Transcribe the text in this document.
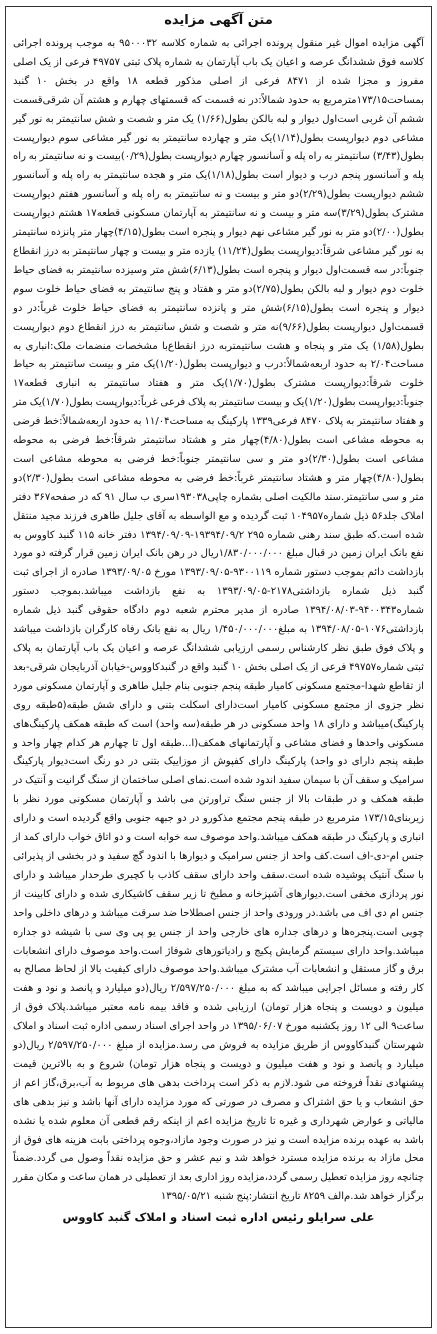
متن آگهی مزایده

آگهی مزایده اموال غیر منقول پرونده اجرائی به شماره کلاسه ۹۵۰۰۰۳۲ به موجب پرونده اجرائی کلاسه فوق ششدانگ عرصه و اعیان یک باب آپارتمان به شماره پلاک ثبتی ۴۹۷۵۷ فرعی از یک اصلی مفروز و مجزا شده از ۸۴۷۱ فرعی از اصلی مذکور قطعه ۱۸ واقع در بخش ۱۰ گنبد بمساحت۱۷۳/۱۵مترمربع به حدود شمالاً:در نه قسمت که قسمتهای چهارم و هشتم آن شرقی‌قسمت ششم آن غربی است‌اول دیوار و لبه بالکن بطول(۱/۶۶) یک متر و شصت و شش سانتیمتر به نور گیر مشاعی دوم دیوارپست بطول(۱/۱۴)یک متر و چهارده سانتیمتر به نور گیر مشاعی سوم دیوارپست بطول(۳/۴۳) سانتیمتر به راه پله و آسانسور چهارم دیوارپست بطول(۰/۲۹)بیست و نه سانتیمتر به راه پله و آسانسور پنجم درب و دیوار است بطول(۱/۱۸)یک متر و هجده سانتیمتر به راه پله و آسانسور ششم دیوارپست بطول(۲/۲۹)دو متر و بیست و نه سانتیمتر به راه پله و آسانسور هفتم دیوارپست مشترک بطول(۳/۲۹)سه متر و بیست و نه سانتیمتر به آپارتمان مسکونی قطعه۱۷ هشتم دیوارپست بطول(۲/۰۰)دو متر به نور گیر مشاعی نهم دیوار و پنجره است بطول(۴/۱۵)چهار متر پانزده سانتیمتر به نور گیر مشاعی شرقاً:دیوارپست بطول(۱۱/۲۴) یازده متر و بیست و چهار سانتیمتر به درز انقطاع جنوباً:در سه قسمت‌اول دیوار و پنجره است بطول(۶/۱۳)شش متر وسیزده سانتیمتر به فضای حیاط خلوت دوم دیوار و لبه بالکن بطول(۲/۷۵)دو متر و هفتاد و پنج سانتیمتر به فضای حیاط خلوت سوم دیوار و پنجره است بطول(۶/۱۵)شش متر و پانزده سانتیمتر به فضای حیاط خلوت غرباً:در دو قسمت‌اول دیوارپست بطول(۹/۶۶)نه متر و شصت و شش سانتیمتر به درز انقطاع دوم دیوارپست بطول(۱/۵۸) یک متر و پنجاه و هشت سانتیمتربه درز انقطاع‌با مشخصات منضمات ملک:انباری به مساحت۲/۰۴ به حدود اربعه‌شمالاً:درب و دیوارپست بطول(۱/۲۰)یک متر و بیست سانتیمتر به حیاط خلوت شرقاً:دیوارپست مشترک بطول(۱/۷۰)یک متر و هفتاد سانتیمتر به انباری قطعه۱۷ جنوباً:دیوارپست بطول(۱/۲۰)یک و بیست سانتیمتر به پلاک فرعی غرباً:دیوارپست بطول(۱/۷۰)یک متر و هفتاد سانتیمتر به پلاک ۸۴۷۰ فرعی۱۳۳۹ پارکینگ به مساحت۱۱/۰۴ به حدود اربعه‌شمالاً:خط فرضی به محوطه مشاعی است بطول(۴/۸۰)چهار متر و هشتاد سانتیمتر شرقاً:خط فرضی به محوطه مشاعی است بطول(۲/۳۰)دو متر و سی سانتیمتر جنوباً:خط فرضی به محوطه مشاعی است بطول(۴/۸۰)چهار متر و هشتاد سانتیمتر غرباً:خط فرضی به محوطه مشاعی است بطول(۲/۳۰)دو متر و سی سانتیمتر.سند مالکیت اصلی بشماره چاپی۱۹۳۰۳۸سری ب سال ۹۱ که در صفحه۳۶۷ دفتر املاک جلد۵۶ ذیل شماره۱۰۴۹۵۷ ثبت گردیده و مع الواسطه به آقای جلیل طاهری فرزند مجید منتقل شده است.که طبق سند رهنی شماره ۲۹۵ ۱۹۳۹۴/۰۹/۲-۱۳۹۴/۰۹/۰۹ دفتر خانه ۱۱۵ گنبد کاووس به نفع بانک ایران زمین در قبال مبلغ ۱/۸۳۰/۰۰۰/۰۰۰ریال در رهن بانک ایران زمین قرار گرفته دو مورد بازداشت دائم بموجب دستور شماره ۹۳۰۰۱۱۹-۱۳۹۳/۰۹/۰۵ مورخ ۱۳۹۳/۰۹/۰۵ صادره از اجرای ثبت گنبد ذیل شماره بازداشتی۲۱۷۸-۱۳۹۳/۰۹/۰۵ به نفع بازداشت میباشد.بموجب دستور شماره۹۴۰۰۳۴۳-۱۳۹۴/۰۸/۰۳ صادره از مدیر محترم شعبه دوم دادگاه حقوقی گنبد ذیل شماره بازداشتی۱۰۷۶-۱۳۹۴/۰۸/۰۵ به مبلغ۱/۴۵۰/۰۰۰/۰۰۰ ریال به نفع بانک رفاه کارگران بازداشت میباشد و پلاک فوق طبق نظر کارشناس رسمی ارزیابی ششدانگ عرصه و اعیان یک باب آپارتمان به پلاک ثبتی شماره۴۹۷۵۷ فرعی از یک اصلی بخش ۱۰ گنبد واقع در گنبدکاووس-خیابان آذربایجان شرقی-بعد از تقاطع شهدا-مجتمع مسکونی کامیار طبقه پنجم جنوبی بنام جلیل طاهری و آپارتمان مسکونی مورد نظر جزوی از مجتمع مسکونی کامیار است‌دارای اسکلت بتنی و دارای شش طبقه(۵طبقه روی پارکینگ)میباشد و دارای ۱۸ واحد مسکونی در هر طبقه(سه واحد) است که طبقه همکف پارکینگ‌های مسکونی واحدها و فضای مشاعی و آپارتمانهای همکف(ا...طبقه اول تا چهارم هر کدام چهار واحد و طبقه پنجم دارای دو واحد) پارکینگ دارای کفپوش از موزاییک بتنی در دو رنگ است‌دیوار پارکینگ سرامیک و سقف آن با سیمان سفید اندود شده است.نمای اصلی ساختمان از سنگ گرانیت و آنتیک در طبقه همکف و در طبقات بالا از جنس سنگ تراورتن می باشد و آپارتمان مسکونی مورد نظر با زیربنای۱۷۳/۱۵ مترمربع در طبقه پنجم مجتمع مذکورو در دو جبهه جنوبی واقع گردیده است و دارای انباری و پارکینگ در طبقه همکف میباشد.واحد موصوف سه خوابه است و دو اتاق خواب دارای کمد از جنس ام-دی-اف است.کف واحد از جنس سرامیک و دیوارها با اندود گچ سفید و در بخشی از پذیرائی با سنگ آنتیک پوشیده شده است.سقف واحد دارای سقف کاذب با کچبری طرحدار میباشد و دارای نور پردازی مخفی است.دیوارهای آشپزخانه و مطبخ تا زیر سقف کاشیکاری شده و دارای کابینت از جنس ام دی اف می باشد.در ورودی واحد از جنس اصطلاحا ضد سرقت میباشد و درهای داخلی واحد چوبی است.پنجره‌ها و درهای جداره های خارجی واحد از جنس یو پی وی سی با شیشه دو جداره میباشد.واحد دارای سیستم گرمایش پکیج و رادیاتورهای شوفاژ است.واحد موصوف دارای انشعابات برق و گاز مستقل و انشعابات آب مشترک میباشد.واحد موصوف دارای کیفیت بالا از لحاظ مصالح به کار رفته و مسائل اجرایی میباشد که به مبلغ ۲/۵۹۷/۲۵۰/۰۰۰ ریال(دو میلیارد و پانصد و نود و هفت میلیون و دویست و پنجاه هزار تومان) ارزیابی شده و فاقد بیمه نامه معتبر میباشد.پلاک فوق از ساعت۹ الی ۱۲ روز یکشنبه مورخ ۱۳۹۵/۰۶/۰۷ در واحد اجرای اسناد رسمی اداره ثبت اسناد و املاک شهرستان گنبدکاووس از طریق مزایده به فروش می رسد.مزایده از مبلغ ۲/۵۹۷/۲۵۰/۰۰۰ ریال(دو میلیارد و پانصد و نود و هفت میلیون و دویست و پنجاه هزار تومان) شروع و به بالاترین قیمت پیشنهادی نقداً فروخته می شود.لازم به ذکر است پرداخت بدهی های مربوط به آب،برق،گاز اعم از حق انشعاب و یا حق اشتراک و مصرف در صورتی که مورد مزایده دارای آنها باشد و نیز بدهی های مالیاتی و عوارض شهرداری و غیره تا تاریخ مزایده اعم از اینکه رقم قطعی آن معلوم شده یا نشده باشد به عهده برنده مزایده است و نیز در صورت وجود مازاد،وجوه پرداختی بابت هزینه های فوق از محل مازاد به برنده مزایده مسترد خواهد شد و نیم عشر و حق مزایده نقداً وصول می گردد.ضمناً چنانچه روز مزایده تعطیل رسمی گردد،مزایده روز اداری بعد از تعطیلی در همان ساعت و مکان مقرر برگزار خواهد شد.م‌الف ۸۲۵۹ تاریخ انتشار:پنج شنبه ۱۳۹۵/۰۵/۲۱

علی سرایلو رئیس اداره ثبت اسناد و املاک گنبد کاووس
